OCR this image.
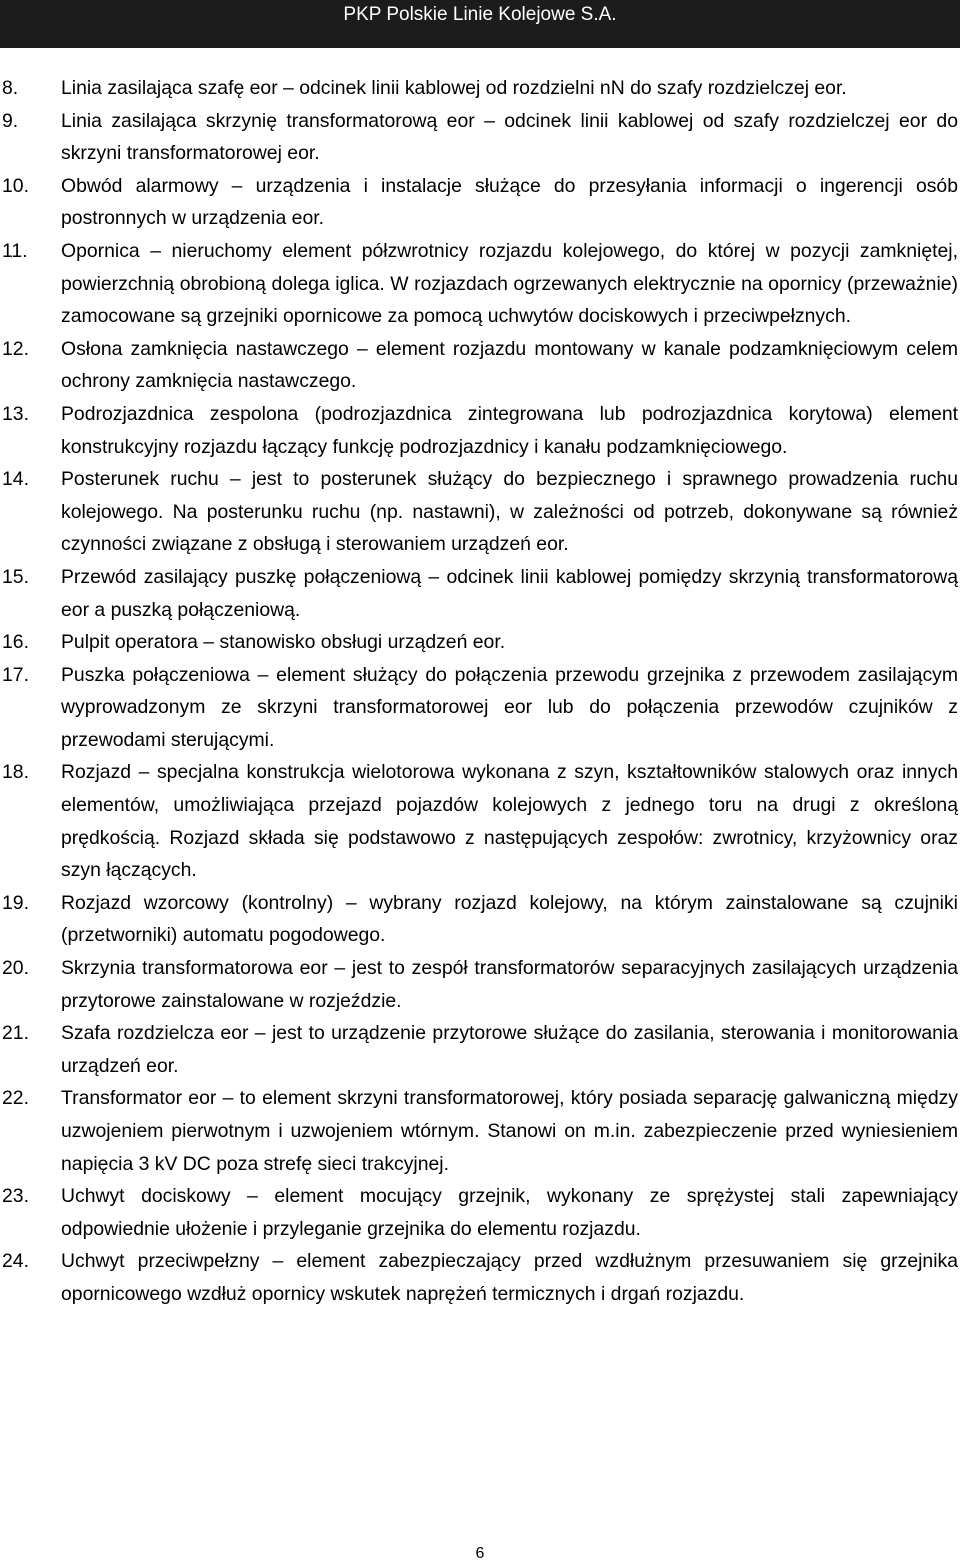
PKP Polskie Linie Kolejowe S.A.
8. Linia zasilająca szafę eor – odcinek linii kablowej od rozdzielni nN do szafy rozdzielczej eor.
9. Linia zasilająca skrzynię transformatorową eor – odcinek linii kablowej od szafy rozdzielczej eor do skrzyni transformatorowej eor.
10. Obwód alarmowy – urządzenia i instalacje służące do przesyłania informacji o ingerencji osób postronnych w urządzenia eor.
11. Opornica – nieruchomy element półzwrotnicy rozjazdu kolejowego, do której w pozycji zamkniętej, powierzchnią obrobioną dolega iglica. W rozjazdach ogrzewanych elektrycznie na opornicy (przeważnie) zamocowane są grzejniki opornicowe za pomocą uchwytów dociskowych i przeciwpełznych.
12. Osłona zamknięcia nastawczego – element rozjazdu montowany w kanale podzamknięciowym celem ochrony zamknięcia nastawczego.
13. Podrozjazdnica zespolona (podrozjazdnica zintegrowana lub podrozjazdnica korytowa) element konstrukcyjny rozjazdu łączący funkcję podrozjazdnicy i kanału podzamknięciowego.
14. Posterunek ruchu – jest to posterunek służący do bezpiecznego i sprawnego prowadzenia ruchu kolejowego. Na posterunku ruchu (np. nastawni), w zależności od potrzeb, dokonywane są również czynności związane z obsługą i sterowaniem urządzeń eor.
15. Przewód zasilający puszkę połączeniową – odcinek linii kablowej pomiędzy skrzynią transformatorową eor a puszką połączeniową.
16. Pulpit operatora – stanowisko obsługi urządzeń eor.
17. Puszka połączeniowa – element służący do połączenia przewodu grzejnika z przewodem zasilającym wyprowadzonym ze skrzyni transformatorowej eor lub do połączenia przewodów czujników z przewodami sterującymi.
18. Rozjazd – specjalna konstrukcja wielotorowa wykonana z szyn, kształtowników stalowych oraz innych elementów, umożliwiająca przejazd pojazdów kolejowych z jednego toru na drugi z określoną prędkością. Rozjazd składa się podstawowo z następujących zespołów: zwrotnicy, krzyżownicy oraz szyn łączących.
19. Rozjazd wzorcowy (kontrolny) – wybrany rozjazd kolejowy, na którym zainstalowane są czujniki (przetworniki) automatu pogodowego.
20. Skrzynia transformatorowa eor – jest to zespół transformatorów separacyjnych zasilających urządzenia przytorowe zainstalowane w rozjeździe.
21. Szafa rozdzielcza eor – jest to urządzenie przytorowe służące do zasilania, sterowania i monitorowania urządzeń eor.
22. Transformator eor – to element skrzyni transformatorowej, który posiada separację galwaniczną między uzwojeniem pierwotnym i uzwojeniem wtórnym. Stanowi on m.in. zabezpieczenie przed wyniesieniem napięcia 3 kV DC poza strefę sieci trakcyjnej.
23. Uchwyt dociskowy – element mocujący grzejnik, wykonany ze sprężystej stali zapewniający odpowiednie ułożenie i przyleganie grzejnika do elementu rozjazdu.
24. Uchwyt przeciwpełzny – element zabezpieczający przed wzdłużnym przesuwaniem się grzejnika opornicowego wzdłuż opornicy wskutek naprężeń termicznych i drgań rozjazdu.
6
